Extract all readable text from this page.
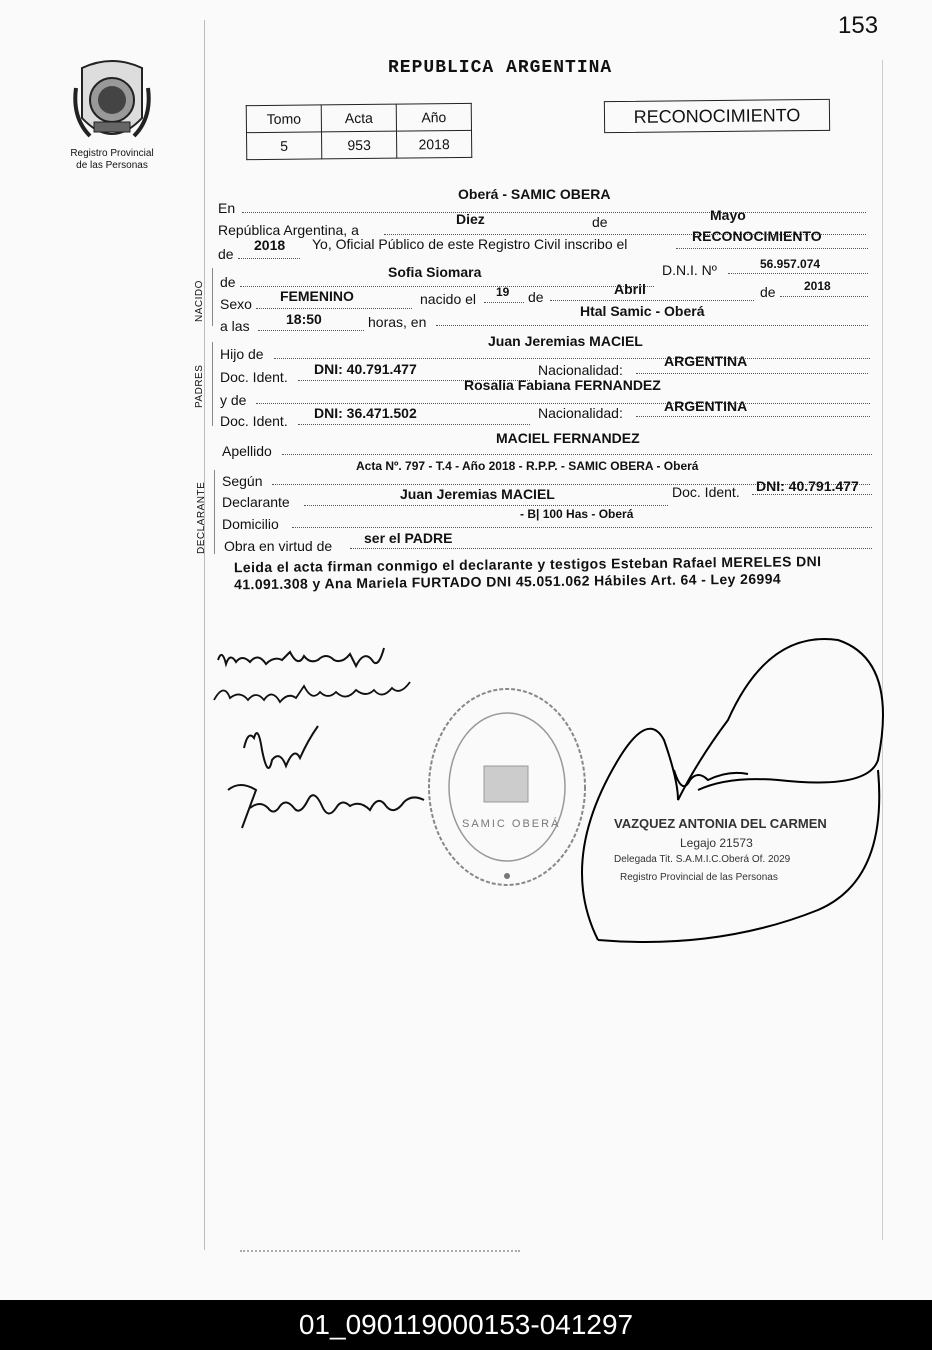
153
Registro Provincial
de las Personas
REPUBLICA ARGENTINA
Tomo	Acta	Año
5	953	2018
RECONOCIMIENTO
En
Oberá - SAMIC OBERA
República Argentina, a
Diez	de	Mayo
de
2018 Yo, Oficial Público de este Registro Civil inscribo el	RECONOCIMIENTO
NACIDO de
Sofia Siomara	D.N.I. Nº	56.957.074
Sexo FEMENINO	nacido el 19 de	Abril	de 2018
a las	18:50	horas, en
Htal Samic - Oberá
PADRES
Hijo de
Juan Jeremias MACIEL
Doc. Ident. DNI: 40.791.477	Nacionalidad:
ARGENTINA
y de
Rosalia Fabiana FERNANDEZ
Doc. Ident. DNI: 36.471.502	Nacionalidad:	ARGENTINA
Apellido
MACIEL FERNANDEZ
DECLARANTE
Según
Acta Nº. 797 - T.4 - Año 2018 - R.P.P. - SAMIC OBERA - Oberá
Declarante	Juan Jeremias MACIEL	Doc. Ident. DNI: 40.791.477
Domicilio
- B| 100 Has - Oberá
Obra en virtud de ser el PADRE
Leida el acta firman conmigo el declarante y testigos Esteban Rafael MERELES DNI 41.091.308 y Ana Mariela FURTADO DNI 45.051.062 Hábiles Art. 64 - Ley 26994
SAMIC OBERÁ	VAZQUEZ ANTONIA DEL CARMEN
Legajo 21573
Delegada Tit. S.A.M.I.C.Oberá Of. 2029
Registro Provincial de las Personas
01_090119000153-041297
